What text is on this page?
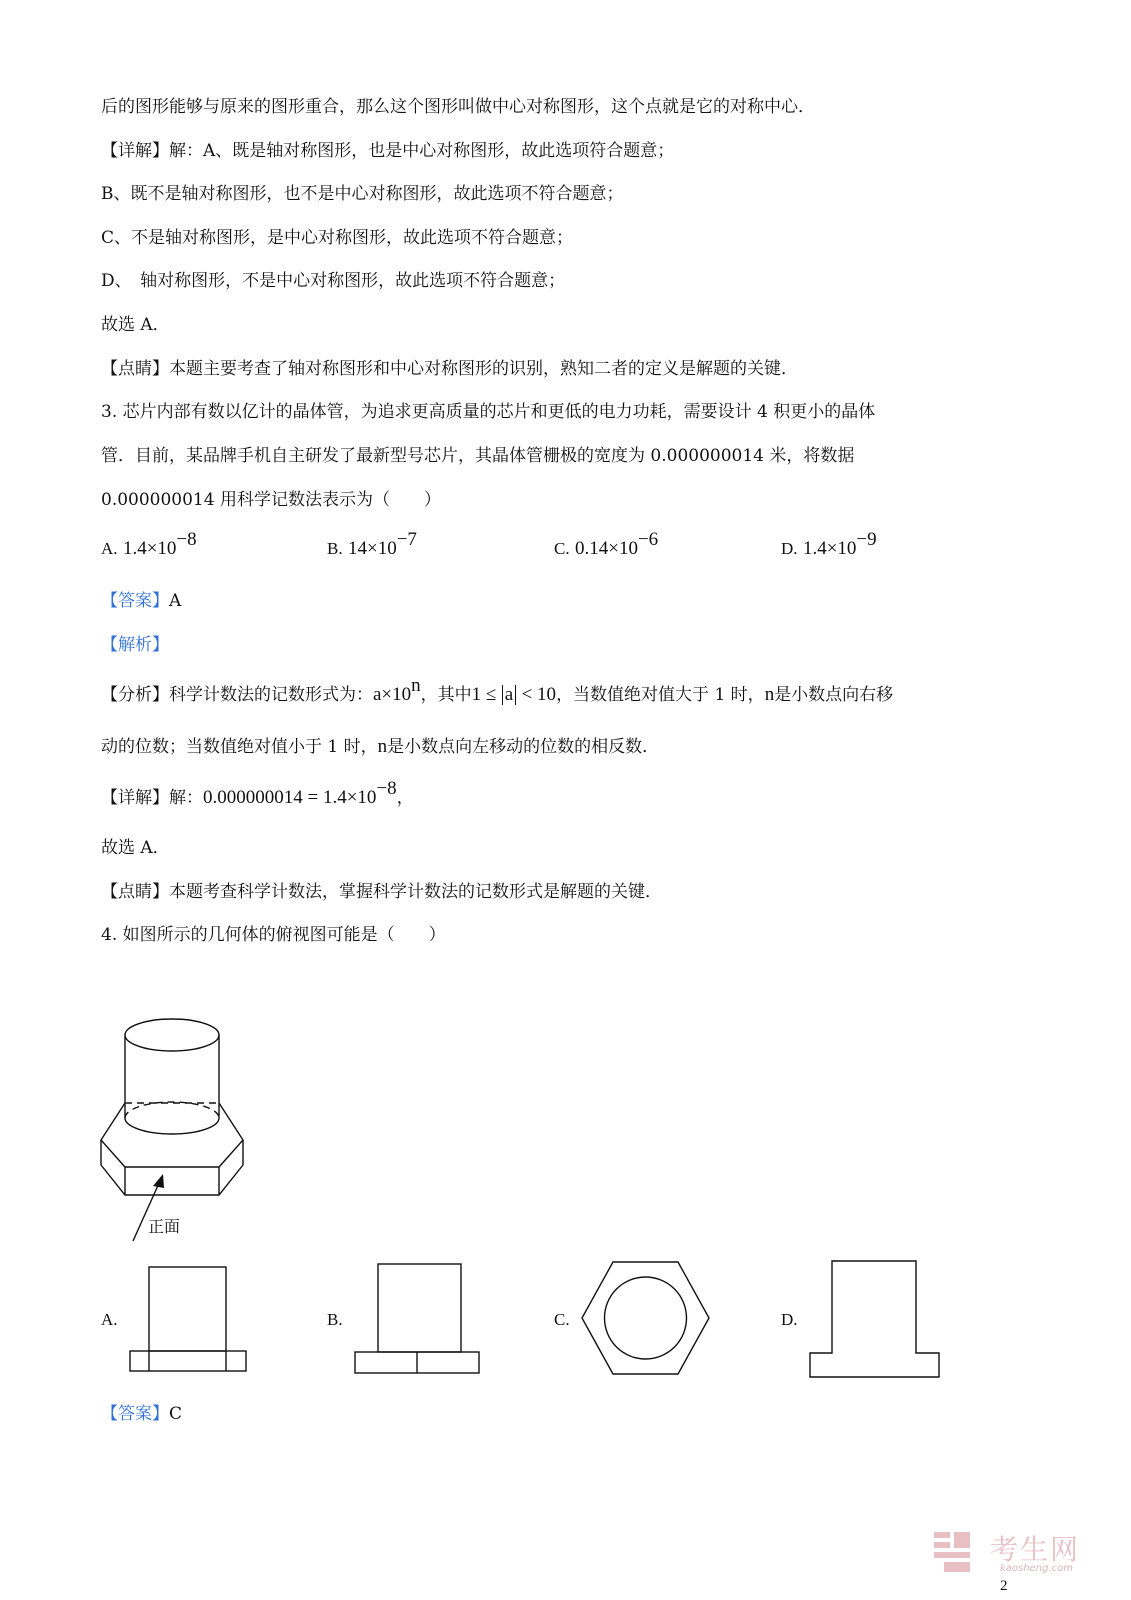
后的图形能够与原来的图形重合，那么这个图形叫做中心对称图形，这个点就是它的对称中心．
【详解】解：A、既是轴对称图形，也是中心对称图形，故此选项符合题意；
B、既不是轴对称图形，也不是中心对称图形，故此选项不符合题意；
C、不是轴对称图形，是中心对称图形，故此选项不符合题意；
D、　轴对称图形，不是中心对称图形，故此选项不符合题意；
故选 A．
【点睛】本题主要考查了轴对称图形和中心对称图形的识别，熟知二者的定义是解题的关键．
3. 芯片内部有数以亿计的晶体管，为追求更高质量的芯片和更低的电力功耗，需要设计 4 积更小的晶体
管．目前，某品牌手机自主研发了最新型号芯片，其晶体管栅极的宽度为 0.000000014 米，将数据
0.000000014 用科学记数法表示为（　　）
A. $1.4\times 10^{-8}$	B. $14\times 10^{-7}$	C. $0.14\times 10^{-6}$	D. $1.4\times 10^{-9}$
【答案】A
【解析】
【分析】科学计数法的记数形式为：$a\times 10^n$，其中1 ≤ a < 10，当数值绝对值大于 1 时，n是小数点向右移
动的位数；当数值绝对值小于 1 时，n是小数点向左移动的位数的相反数．
【详解】解：$0.000000014 = 1.4\times 10^{-8}$，
故选 A．
【点睛】本题考查科学计数法，掌握科学计数法的记数形式是解题的关键．
4. 如图所示的几何体的俯视图可能是（　　）
正面
A.	B.	C.	D.
【答案】C
考生网
kaosheng.com
2
